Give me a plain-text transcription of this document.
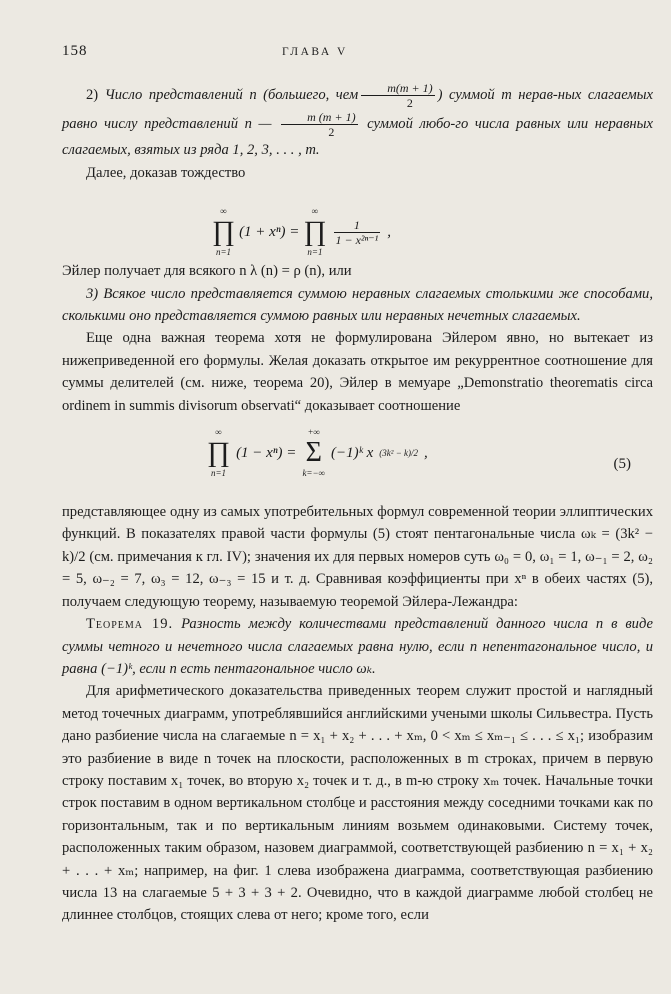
158	ГЛАВА V

2) Число представлений n (большего, чем $\frac{m(m + 1)}{2}$ ) суммой m нерав-ных слагаемых равно числу представлений n — $\frac{m (m + 1)}{2}$ суммой любо-го числа равных или неравных слагаемых, взятых из ряда 1, 2, 3, . . . , m.

Далее, доказав тождество

∞
∏
n=1
(1 + xⁿ) =
∞
∏
n=1
$\frac{1}{\text{1 − x²ⁿ⁻¹}}$ ,

Эйлер получает для всякого n λ (n) = ρ (n), или

3) Всякое число представляется суммою неравных слагаемых столькими же способами, сколькими оно представляется суммою равных или неравных нечетных слагаемых.

Еще одна важная теорема хотя не формулирована Эйлером явно, но вытекает из нижеприведенной его формулы. Желая доказать открытое им рекуррентное соотношение для суммы делителей (см. ниже, теорема 20), Эйлер в мемуаре „Demonstratio theorematis circa ordinem in summis divisorum observati“ доказывает соотношение

∞
∏
n=1
(1 − xⁿ) =
+∞
Σ
k=−∞
(−1)ᵏ x (3k² − k)/2 ,
(5)

представляющее одну из самых употребительных формул современной теории эллиптических функций. В показателях правой части формулы (5) стоят пентагональные числа ωₖ = (3k² − k)/2 (см. примечания к гл. IV); значения их для первых номеров суть ω₀ = 0, ω₁ = 1, ω₋₁ = 2, ω₂ = 5, ω₋₂ = 7, ω₃ = 12, ω₋₃ = 15 и т. д. Сравнивая коэффициенты при xⁿ в обеих частях (5), получаем следующую теорему, называемую теоремой Эйлера-Лежандра:

Теорема 19. Разность между количествами представлений данного числа n в виде суммы четного и нечетного числа слагаемых равна нулю, если n непентагональное число, и равна (−1)ᵏ, если n есть пентагональное число ωₖ.

Для арифметического доказательства приведенных теорем служит простой и наглядный метод точечных диаграмм, употреблявшийся английскими учеными школы Сильвестра. Пусть дано разбиение числа на слагаемые n = x₁ + x₂ + . . . + xₘ, 0 < xₘ ≤ xₘ₋₁ ≤ . . . ≤ x₁; изобразим это разбиение в виде n точек на плоскости, расположенных в m строках, причем в первую строку поставим x₁ точек, во вторую x₂ точек и т. д., в m-ю строку xₘ точек. Начальные точки строк поставим в одном вертикальном столбце и расстояния между соседними точками как по горизонтальным, так и по вертикальным линиям возьмем одинаковыми. Систему точек, расположенных таким образом, назовем диаграммой, соответствующей разбиению n = x₁ + x₂ + . . . + xₘ; например, на фиг. 1 слева изображена диаграмма, соответствующая разбиению числа 13 на слагаемые 5 + 3 + 3 + 2. Очевидно, что в каждой диаграмме любой столбец не длиннее столбцов, стоящих слева от него; кроме того, если
